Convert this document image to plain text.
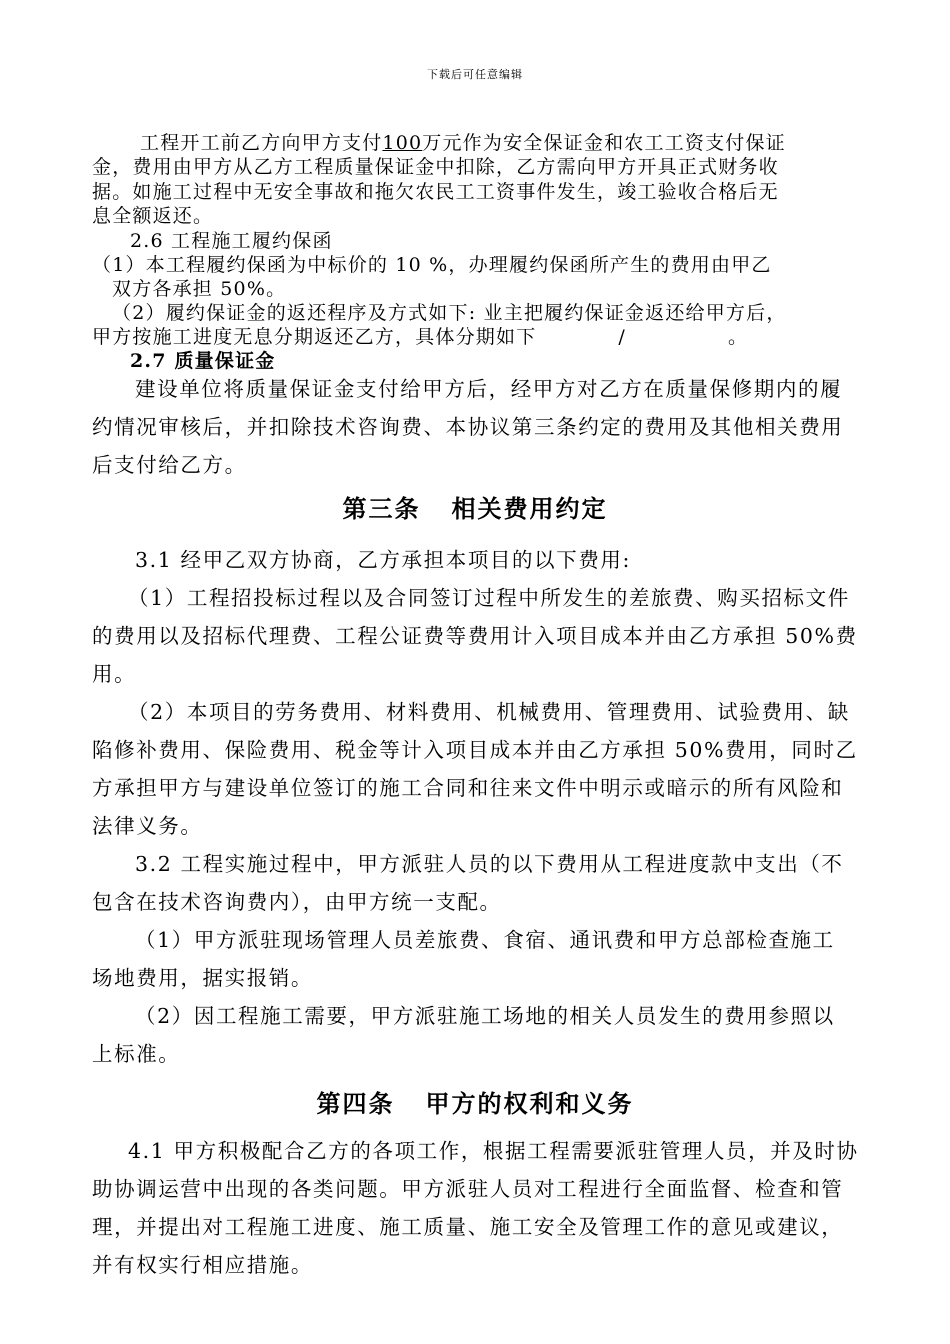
下载后可任意编辑
工程开工前乙方向甲方支付100万元作为安全保证金和农工工资支付保证
金，费用由甲方从乙方工程质量保证金中扣除，乙方需向甲方开具正式财务收
据。如施工过程中无安全事故和拖欠农民工工资事件发生，竣工验收合格后无
息全额返还。
2.6 工程施工履约保函
（1）本工程履约保函为中标价的 10 %，办理履约保函所产生的费用由甲乙
双方各承担 50%。
（2）履约保证金的返还程序及方式如下: 业主把履约保证金返还给甲方后，
甲方按施工进度无息分期返还乙方，具体分期如下	/	。
2.7 质量保证金
建设单位将质量保证金支付给甲方后，经甲方对乙方在质量保修期内的履
约情况审核后，并扣除技术咨询费、本协议第三条约定的费用及其他相关费用
后支付给乙方。
第三条   相关费用约定
3.1 经甲乙双方协商，乙方承担本项目的以下费用:
（1）工程招投标过程以及合同签订过程中所发生的差旅费、购买招标文件
的费用以及招标代理费、工程公证费等费用计入项目成本并由乙方承担 50%费
用。
（2）本项目的劳务费用、材料费用、机械费用、管理费用、试验费用、缺
陷修补费用、保险费用、税金等计入项目成本并由乙方承担 50%费用，同时乙
方承担甲方与建设单位签订的施工合同和往来文件中明示或暗示的所有风险和
法律义务。
3.2 工程实施过程中，甲方派驻人员的以下费用从工程进度款中支出（不
包含在技术咨询费内），由甲方统一支配。
（1）甲方派驻现场管理人员差旅费、食宿、通讯费和甲方总部检查施工
场地费用，据实报销。
（2）因工程施工需要，甲方派驻施工场地的相关人员发生的费用参照以
上标准。
第四条   甲方的权利和义务
4.1 甲方积极配合乙方的各项工作，根据工程需要派驻管理人员，并及时协
助协调运营中出现的各类问题。甲方派驻人员对工程进行全面监督、检查和管
理，并提出对工程施工进度、施工质量、施工安全及管理工作的意见或建议，
并有权实行相应措施。
